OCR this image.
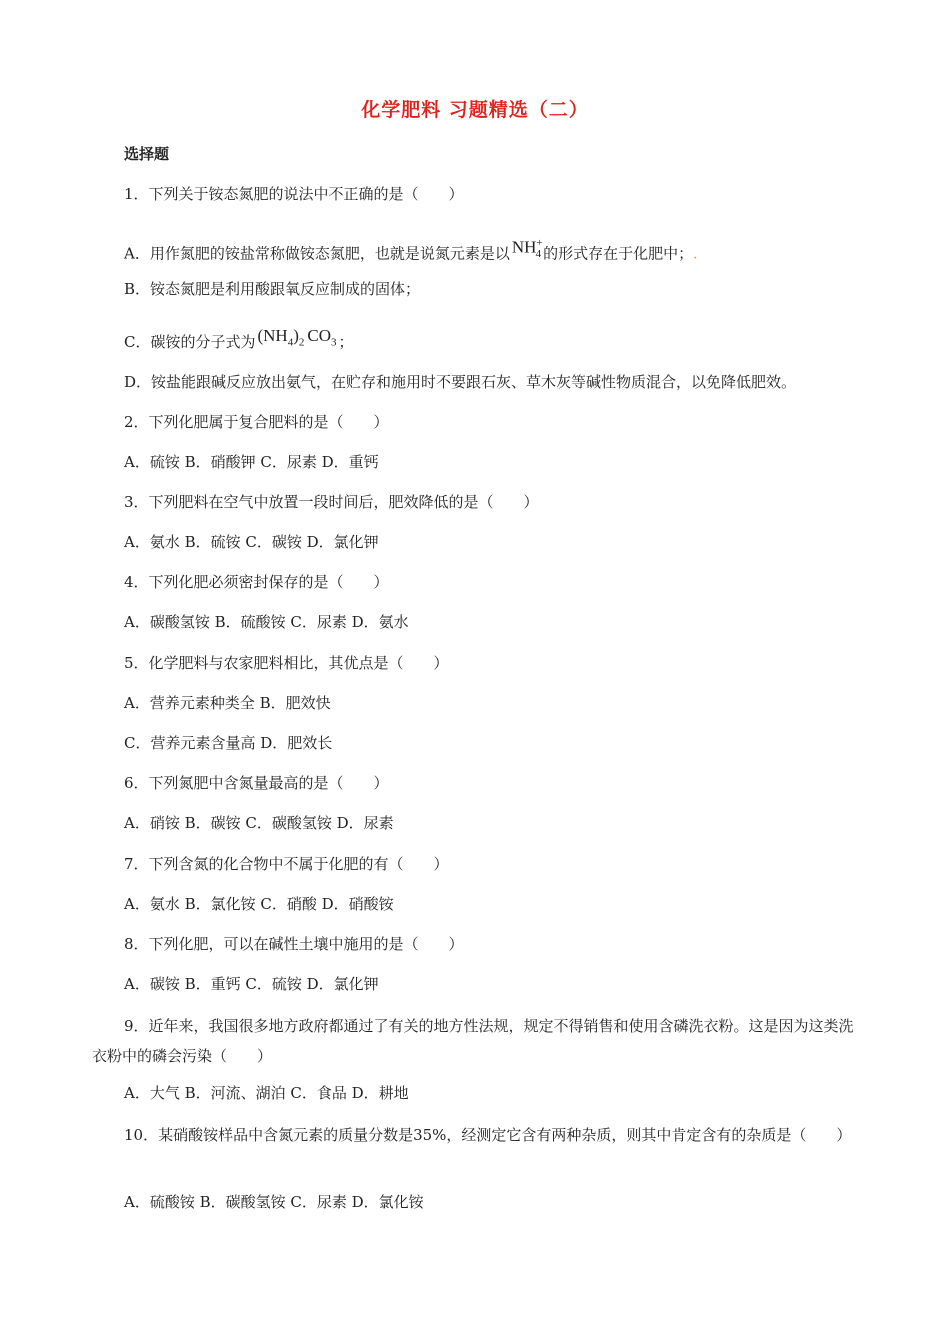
化学肥料 习题精选（二）
选择题
1．下列关于铵态氮肥的说法中不正确的是（　　）
A．用作氮肥的铵盐常称做铵态氮肥，也就是说氮元素是以 $NH^+_4$ 的形式存在于化肥中；.
B．铵态氮肥是利用酸跟氧反应制成的固体；
C．碳铵的分子式为 $(NH_4)_2$ $CO_3$ ；
D．铵盐能跟碱反应放出氨气，在贮存和施用时不要跟石灰、草木灰等碱性物质混合，以免降低肥效。
2．下列化肥属于复合肥料的是（　　）
A．硫铵 B．硝酸钾 C．尿素 D．重钙
3．下列肥料在空气中放置一段时间后，肥效降低的是（　　）
A．氨水 B．硫铵 C．碳铵 D．氯化钾
4．下列化肥必须密封保存的是（　　）
A．碳酸氢铵 B．硫酸铵 C．尿素 D．氨水
5．化学肥料与农家肥料相比，其优点是（　　）
A．营养元素种类全 B．肥效快
C．营养元素含量高 D．肥效长
6．下列氮肥中含氮量最高的是（　　）
A．硝铵 B．碳铵 C．碳酸氢铵 D．尿素
7．下列含氮的化合物中不属于化肥的有（　　）
A．氨水 B．氯化铵 C．硝酸 D．硝酸铵
8．下列化肥，可以在碱性土壤中施用的是（　　）
A．碳铵 B．重钙 C．硫铵 D．氯化钾
9．近年来，我国很多地方政府都通过了有关的地方性法规，规定不得销售和使用含磷洗衣粉。这是因为这类洗衣粉中的磷会污染（　　）
A．大气 B．河流、湖泊 C．食品 D．耕地
10．某硝酸铵样品中含氮元素的质量分数是35%，经测定它含有两种杂质，则其中肯定含有的杂质是（　　）
A．硫酸铵 B．碳酸氢铵 C．尿素 D．氯化铵
